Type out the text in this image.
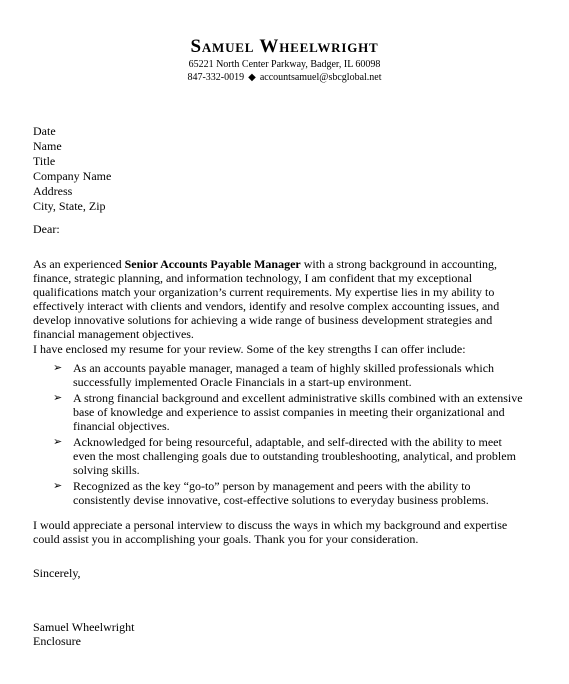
Samuel Wheelwright
65221 North Center Parkway, Badger, IL 60098
847-332-0019 ◆ accountsamuel@sbcglobal.net
Date
Name
Title
Company Name
Address
City, State, Zip
Dear:
As an experienced Senior Accounts Payable Manager with a strong background in accounting, finance, strategic planning, and information technology, I am confident that my exceptional qualifications match your organization’s current requirements. My expertise lies in my ability to effectively interact with clients and vendors, identify and resolve complex accounting issues, and develop innovative solutions for achieving a wide range of business development strategies and financial management objectives.
I have enclosed my resume for your review. Some of the key strengths I can offer include:
➢ As an accounts payable manager, managed a team of highly skilled professionals which successfully implemented Oracle Financials in a start-up environment.
➢ A strong financial background and excellent administrative skills combined with an extensive base of knowledge and experience to assist companies in meeting their organizational and financial objectives.
➢ Acknowledged for being resourceful, adaptable, and self-directed with the ability to meet even the most challenging goals due to outstanding troubleshooting, analytical, and problem solving skills.
➢ Recognized as the key “go-to” person by management and peers with the ability to consistently devise innovative, cost-effective solutions to everyday business problems.
I would appreciate a personal interview to discuss the ways in which my background and expertise could assist you in accomplishing your goals. Thank you for your consideration.
Sincerely,
Samuel Wheelwright
Enclosure
